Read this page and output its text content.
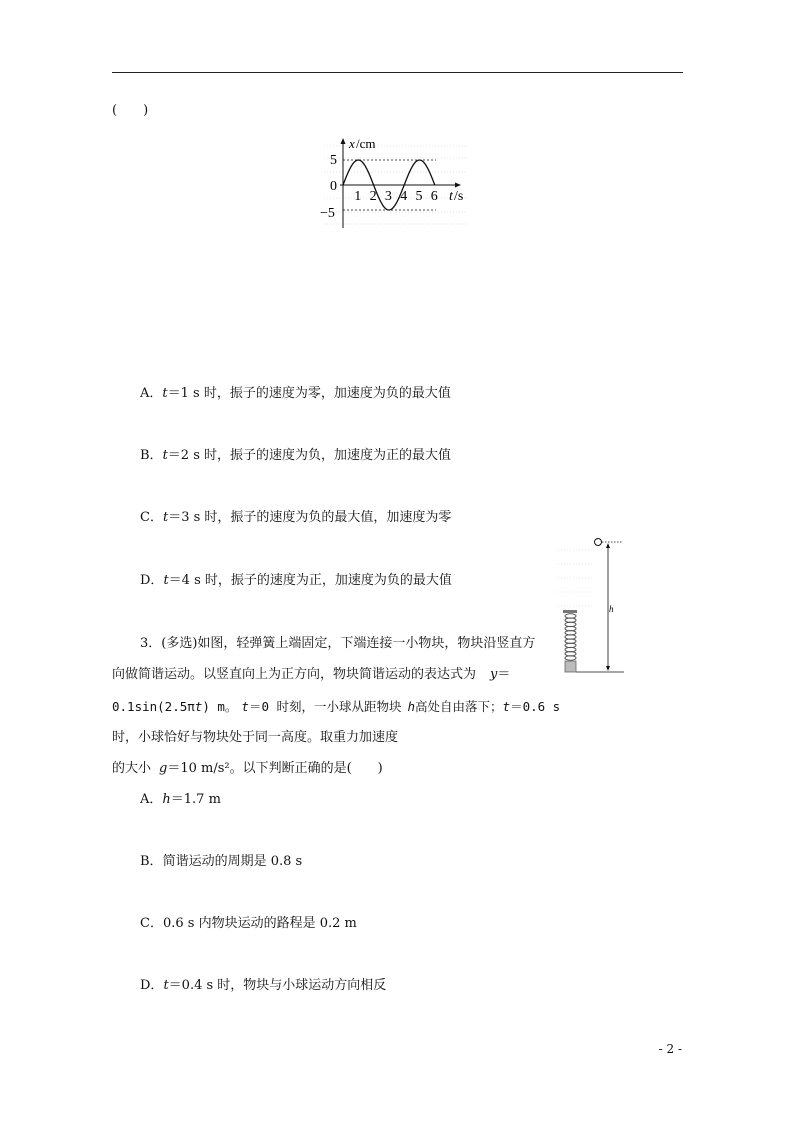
(　　)
x /cm
5
0
−5
1 2 3 4 5 6 t /s
A．t＝1 s 时，振子的速度为零，加速度为负的最大值
B．t＝2 s 时，振子的速度为负，加速度为正的最大值
C．t＝3 s 时，振子的速度为负的最大值，加速度为零
D．t＝4 s 时，振子的速度为正，加速度为负的最大值
h
3．(多选)如图，轻弹簧上端固定，下端连接一小物块，物块沿竖直方
向做简谐运动。以竖直向上为正方向，物块简谐运动的表达式为 y＝
0.1sin(2.5πt) m。 t＝0 时刻，一小球从距物块 h高处自由落下；t＝0.6 s
时，小球恰好与物块处于同一高度。取重力加速度
的大小 g＝10 m/s²。以下判断正确的是(　　)
A．h＝1.7 m
B．简谐运动的周期是 0.8 s
C．0.6 s 内物块运动的路程是 0.2 m
D．t＝0.4 s 时，物块与小球运动方向相反
- 2 -
